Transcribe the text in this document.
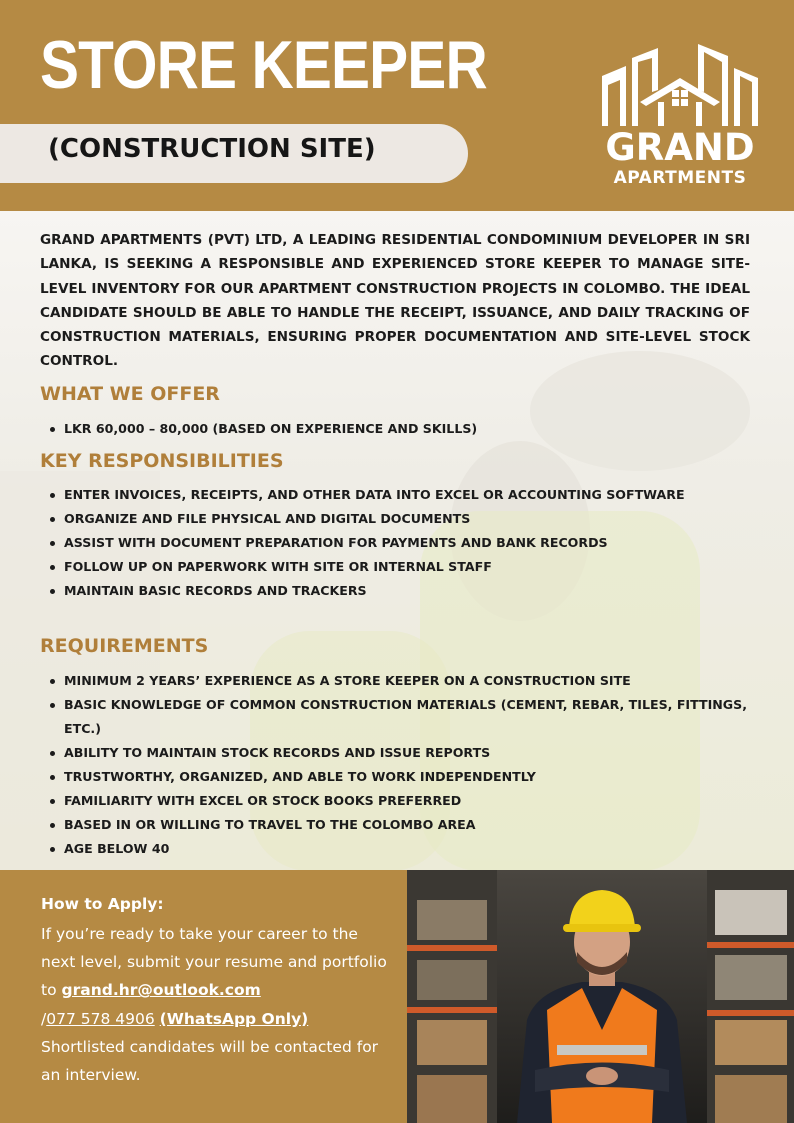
STORE KEEPER
(CONSTRUCTION SITE)	GRAND
APARTMENTS

GRAND APARTMENTS (PVT) LTD, A LEADING RESIDENTIAL CONDOMINIUM DEVELOPER IN SRI LANKA, IS SEEKING A RESPONSIBLE AND EXPERIENCED STORE KEEPER TO MANAGE SITE-LEVEL INVENTORY FOR OUR APARTMENT CONSTRUCTION PROJECTS IN COLOMBO. THE IDEAL CANDIDATE SHOULD BE ABLE TO HANDLE THE RECEIPT, ISSUANCE, AND DAILY TRACKING OF CONSTRUCTION MATERIALS, ENSURING PROPER DOCUMENTATION AND SITE-LEVEL STOCK CONTROL.

WHAT WE OFFER
LKR 60,000 – 80,000 (BASED ON EXPERIENCE AND SKILLS)
KEY RESPONSIBILITIES
ENTER INVOICES, RECEIPTS, AND OTHER DATA INTO EXCEL OR ACCOUNTING SOFTWARE
ORGANIZE AND FILE PHYSICAL AND DIGITAL DOCUMENTS
ASSIST WITH DOCUMENT PREPARATION FOR PAYMENTS AND BANK RECORDS
FOLLOW UP ON PAPERWORK WITH SITE OR INTERNAL STAFF
MAINTAIN BASIC RECORDS AND TRACKERS
REQUIREMENTS
MINIMUM 2 YEARS’ EXPERIENCE AS A STORE KEEPER ON A CONSTRUCTION SITE
BASIC KNOWLEDGE OF COMMON CONSTRUCTION MATERIALS (CEMENT, REBAR, TILES, FITTINGS, ETC.)
ABILITY TO MAINTAIN STOCK RECORDS AND ISSUE REPORTS
TRUSTWORTHY, ORGANIZED, AND ABLE TO WORK INDEPENDENTLY
FAMILIARITY WITH EXCEL OR STOCK BOOKS PREFERRED
BASED IN OR WILLING TO TRAVEL TO THE COLOMBO AREA
AGE BELOW 40
How to Apply:

If you’re ready to take your career to the next level, submit your resume and portfolio to grand.hr@outlook.com
/077 578 4906 (WhatsApp Only)
Shortlisted candidates will be contacted for an interview.
